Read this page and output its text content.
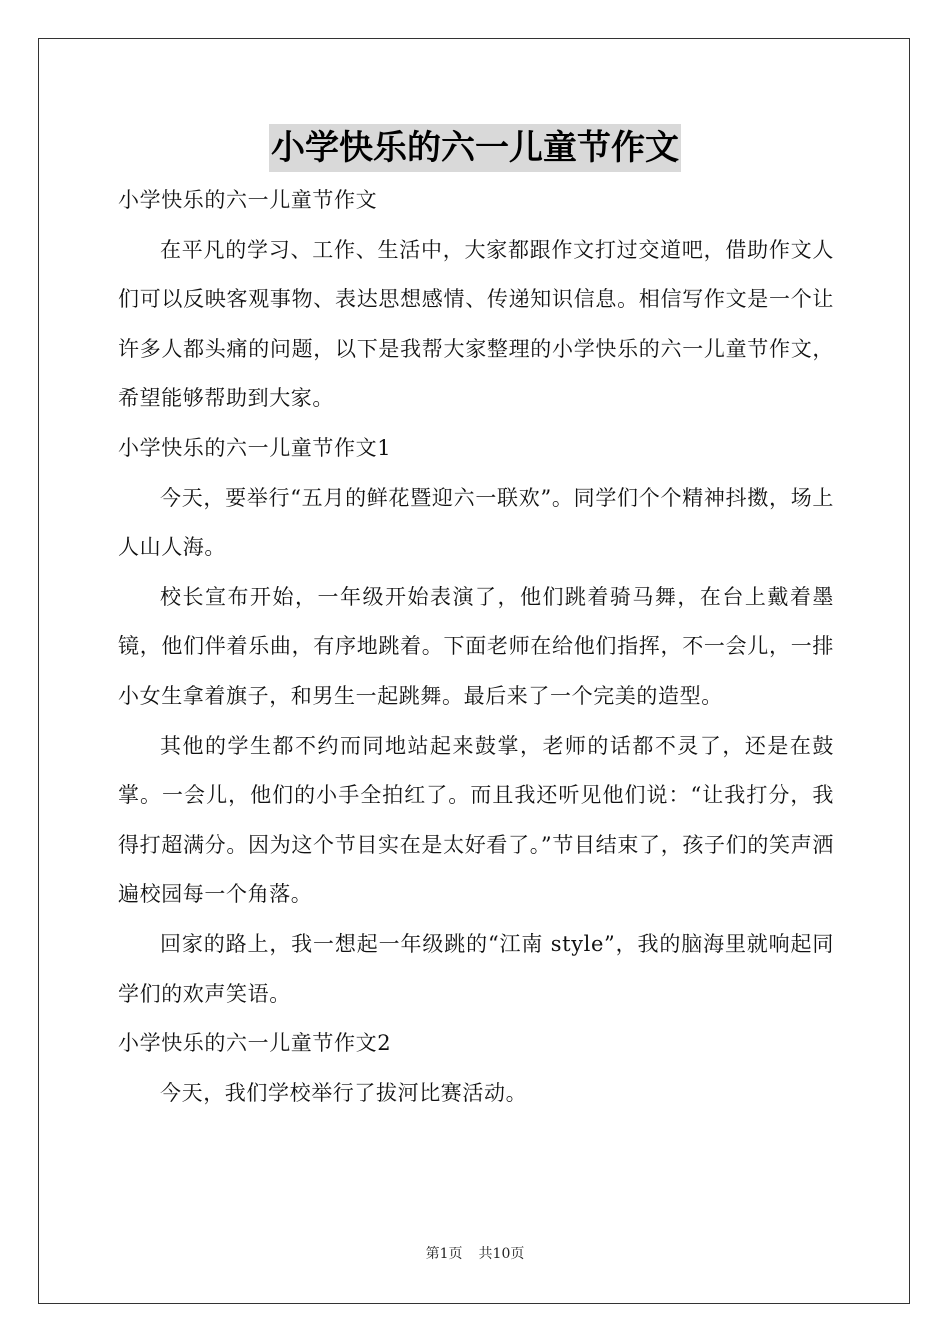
小学快乐的六一儿童节作文

小学快乐的六一儿童节作文

在平凡的学习、工作、生活中，大家都跟作文打过交道吧，借助作文人们可以反映客观事物、表达思想感情、传递知识信息。相信写作文是一个让许多人都头痛的问题，以下是我帮大家整理的小学快乐的六一儿童节作文，希望能够帮助到大家。

小学快乐的六一儿童节作文1

今天，要举行“五月的鲜花暨迎六一联欢”。同学们个个精神抖擞，场上人山人海。

校长宣布开始，一年级开始表演了，他们跳着骑马舞，在台上戴着墨镜，他们伴着乐曲，有序地跳着。下面老师在给他们指挥，不一会儿，一排小女生拿着旗子，和男生一起跳舞。最后来了一个完美的造型。

其他的学生都不约而同地站起来鼓掌，老师的话都不灵了，还是在鼓掌。一会儿，他们的小手全拍红了。而且我还听见他们说：“让我打分，我得打超满分。因为这个节目实在是太好看了。”节目结束了，孩子们的笑声洒遍校园每一个角落。

回家的路上，我一想起一年级跳的“江南 style”，我的脑海里就响起同学们的欢声笑语。

小学快乐的六一儿童节作文2

今天，我们学校举行了拔河比赛活动。

第1页 共10页
